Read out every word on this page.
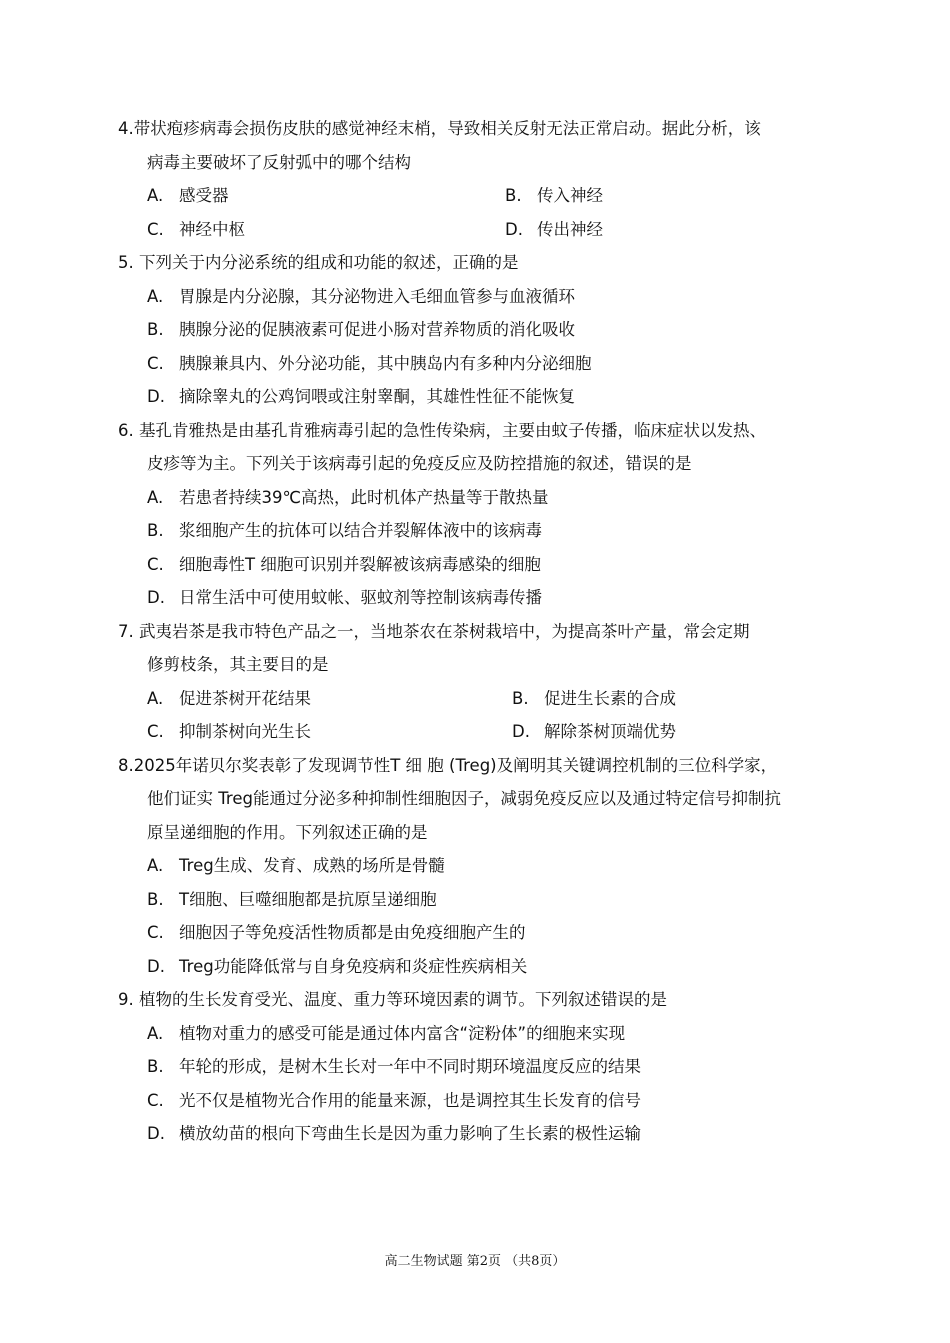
4.带状疱疹病毒会损伤皮肤的感觉神经末梢，导致相关反射无法正常启动。据此分析，该
病毒主要破坏了反射弧中的哪个结构
A. 感受器	B. 传入神经
C. 神经中枢	D. 传出神经
5. 下列关于内分泌系统的组成和功能的叙述，正确的是
A. 胃腺是内分泌腺，其分泌物进入毛细血管参与血液循环
B. 胰腺分泌的促胰液素可促进小肠对营养物质的消化吸收
C. 胰腺兼具内、外分泌功能，其中胰岛内有多种内分泌细胞
D. 摘除睾丸的公鸡饲喂或注射睾酮，其雄性性征不能恢复
6. 基孔肯雅热是由基孔肯雅病毒引起的急性传染病，主要由蚊子传播，临床症状以发热、
皮疹等为主。下列关于该病毒引起的免疫反应及防控措施的叙述，错误的是
A. 若患者持续39℃高热，此时机体产热量等于散热量
B. 浆细胞产生的抗体可以结合并裂解体液中的该病毒
C. 细胞毒性T 细胞可识别并裂解被该病毒感染的细胞
D. 日常生活中可使用蚊帐、驱蚊剂等控制该病毒传播
7. 武夷岩茶是我市特色产品之一，当地茶农在茶树栽培中，为提高茶叶产量，常会定期
修剪枝条，其主要目的是
A. 促进茶树开花结果	B. 促进生长素的合成
C. 抑制茶树向光生长	D. 解除茶树顶端优势
8.2025年诺贝尔奖表彰了发现调节性T 细 胞 (Treg)及阐明其关键调控机制的三位科学家，
他们证实 Treg能通过分泌多种抑制性细胞因子，减弱免疫反应以及通过特定信号抑制抗
原呈递细胞的作用。下列叙述正确的是
A. Treg生成、发育、成熟的场所是骨髓
B. T细胞、巨噬细胞都是抗原呈递细胞
C. 细胞因子等免疫活性物质都是由免疫细胞产生的
D. Treg功能降低常与自身免疫病和炎症性疾病相关
9. 植物的生长发育受光、温度、重力等环境因素的调节。下列叙述错误的是
A. 植物对重力的感受可能是通过体内富含“淀粉体”的细胞来实现
B. 年轮的形成，是树木生长对一年中不同时期环境温度反应的结果
C. 光不仅是植物光合作用的能量来源，也是调控其生长发育的信号
D. 横放幼苗的根向下弯曲生长是因为重力影响了生长素的极性运输
高二生物试题 第2页 （共8页）
